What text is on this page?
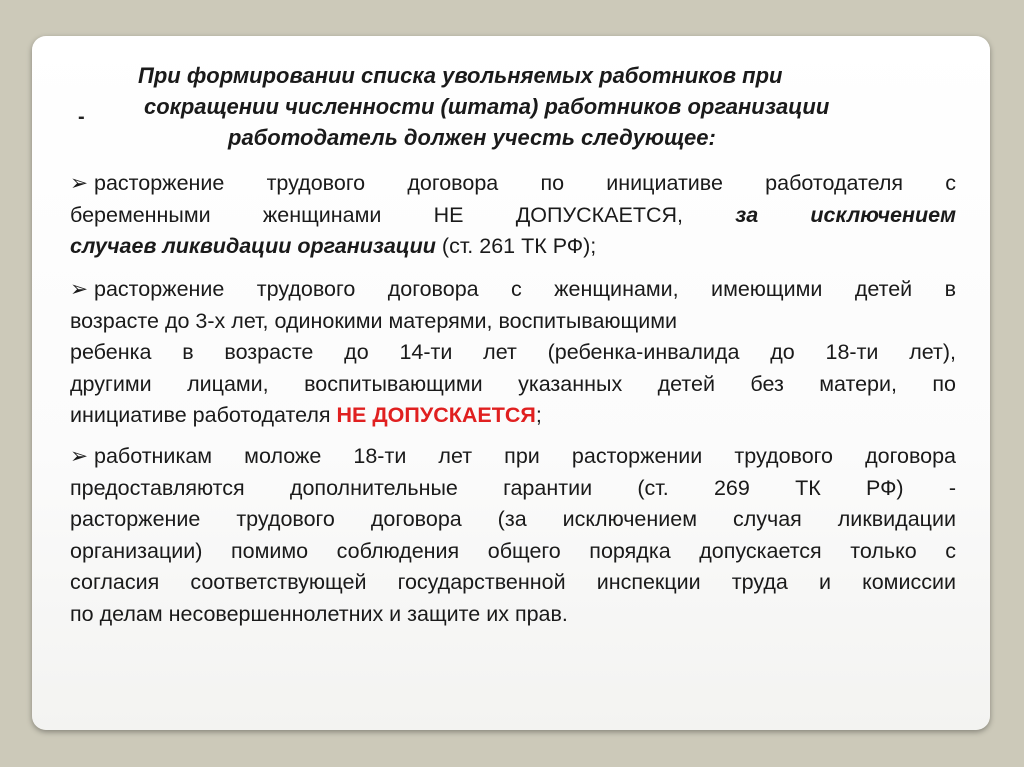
При формировании списка увольняемых работников при
сокращении численности (штата) работников организации
работодатель должен учесть следующее:
-
➢ расторжение трудового договора по инициативе работодателя с
беременными женщинами НЕ ДОПУСКАЕТСЯ, за исключением
случаев ликвидации организации (ст. 261 ТК РФ);
➢ расторжение трудового договора с женщинами, имеющими детей в
возрасте до 3-х лет, одинокими матерями, воспитывающими
ребенка в возрасте до 14-ти лет (ребенка-инвалида до 18-ти лет),
другими лицами, воспитывающими указанных детей без матери, по
инициативе работодателя НЕ ДОПУСКАЕТСЯ;
➢ работникам моложе 18-ти лет при расторжении трудового договора
предоставляются дополнительные гарантии (ст. 269 ТК РФ) -
расторжение трудового договора (за исключением случая ликвидации
организации) помимо соблюдения общего порядка допускается только с
согласия соответствующей государственной инспекции труда и комиссии
по делам несовершеннолетних и защите их прав.
